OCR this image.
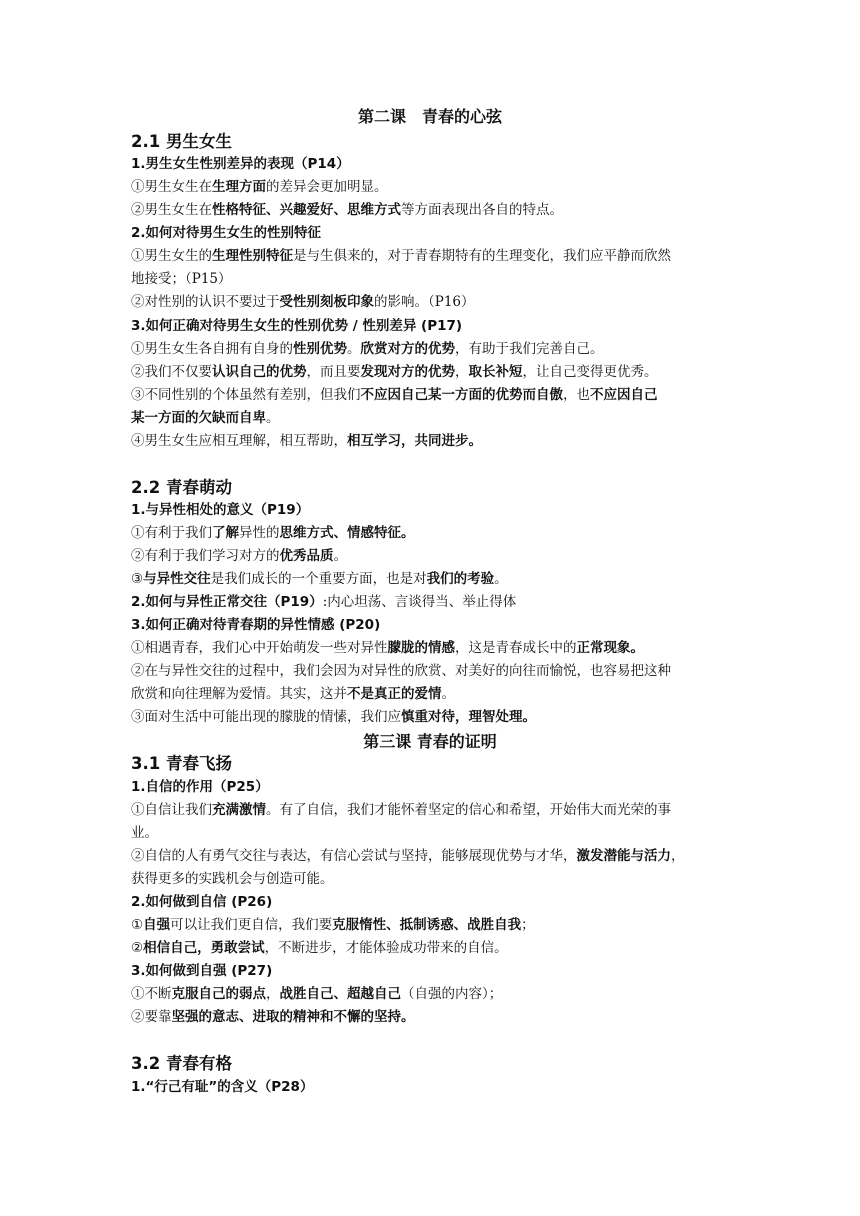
第二课　青春的心弦
2.1 男生女生
1.男生女生性别差异的表现（P14）
①男生女生在生理方面的差异会更加明显。
②男生女生在性格特征、兴趣爱好、思维方式等方面表现出各自的特点。
2.如何对待男生女生的性别特征
①男生女生的生理性别特征是与生俱来的，对于青春期特有的生理变化，我们应平静而欣然
地接受；（P15）
②对性别的认识不要过于受性别刻板印象的影响。（P16）
3.如何正确对待男生女生的性别优势 / 性别差异 (P17)
①男生女生各自拥有自身的性别优势。欣赏对方的优势，有助于我们完善自己。
②我们不仅要认识自己的优势，而且要发现对方的优势，取长补短，让自己变得更优秀。
③不同性别的个体虽然有差别，但我们不应因自己某一方面的优势而自傲，也不应因自己
某一方面的欠缺而自卑。
④男生女生应相互理解，相互帮助，相互学习，共同进步。
2.2 青春萌动
1.与异性相处的意义（P19）
①有利于我们了解异性的思维方式、情感特征。
②有利于我们学习对方的优秀品质。
③与异性交往是我们成长的一个重要方面，也是对我们的考验。
2.如何与异性正常交往（P19）:内心坦荡、言谈得当、举止得体
3.如何正确对待青春期的异性情感 (P20)
①相遇青春，我们心中开始萌发一些对异性朦胧的情感，这是青春成长中的正常现象。
②在与异性交往的过程中，我们会因为对异性的欣赏、对美好的向往而愉悦，也容易把这种
欣赏和向往理解为爱情。其实，这并不是真正的爱情。
③面对生活中可能出现的朦胧的情愫，我们应慎重对待，理智处理。
第三课 青春的证明
3.1 青春飞扬
1.自信的作用（P25）
①自信让我们充满激情。有了自信，我们才能怀着坚定的信心和希望，开始伟大而光荣的事
业。
②自信的人有勇气交往与表达，有信心尝试与坚持，能够展现优势与才华，激发潜能与活力，
获得更多的实践机会与创造可能。
2.如何做到自信 (P26)
①自强可以让我们更自信，我们要克服惰性、抵制诱惑、战胜自我；
②相信自己，勇敢尝试，不断进步，才能体验成功带来的自信。
3.如何做到自强 (P27)
①不断克服自己的弱点，战胜自己、超越自己（自强的内容）；
②要靠坚强的意志、进取的精神和不懈的坚持。
3.2 青春有格
1.“行己有耻”的含义（P28）
